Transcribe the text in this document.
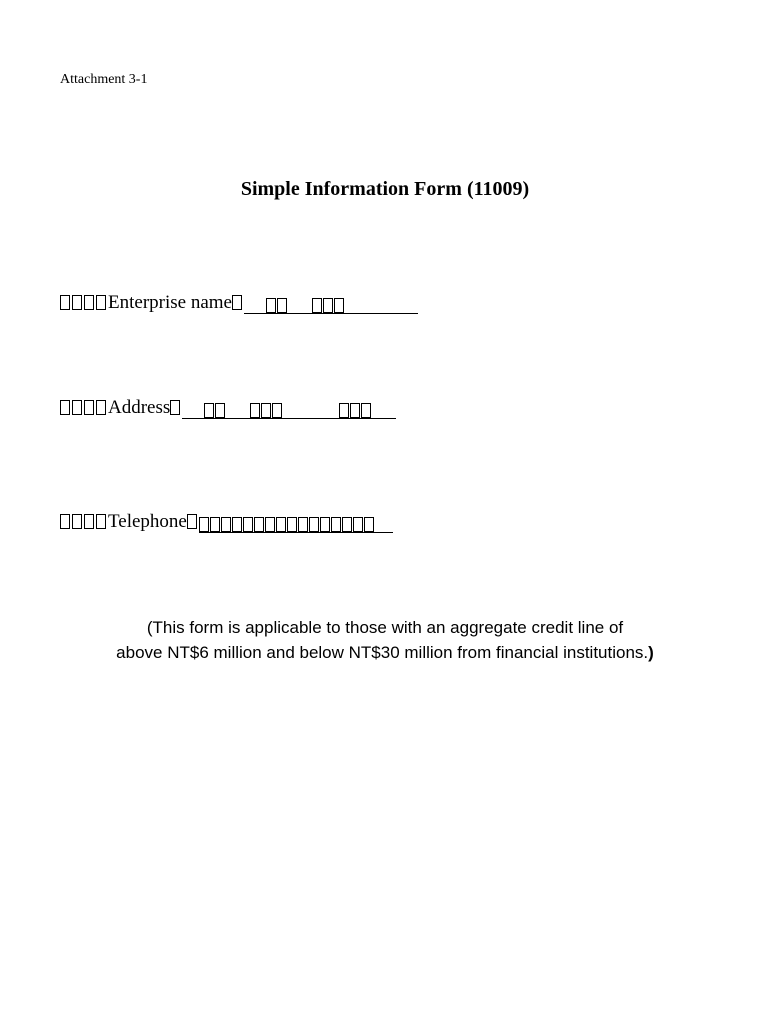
Attachment 3-1
Simple Information Form (11009)
Enterprise name
Address
Telephone
(This form is applicable to those with an aggregate credit line of
above NT$6 million and below NT$30 million from financial institutions.)
